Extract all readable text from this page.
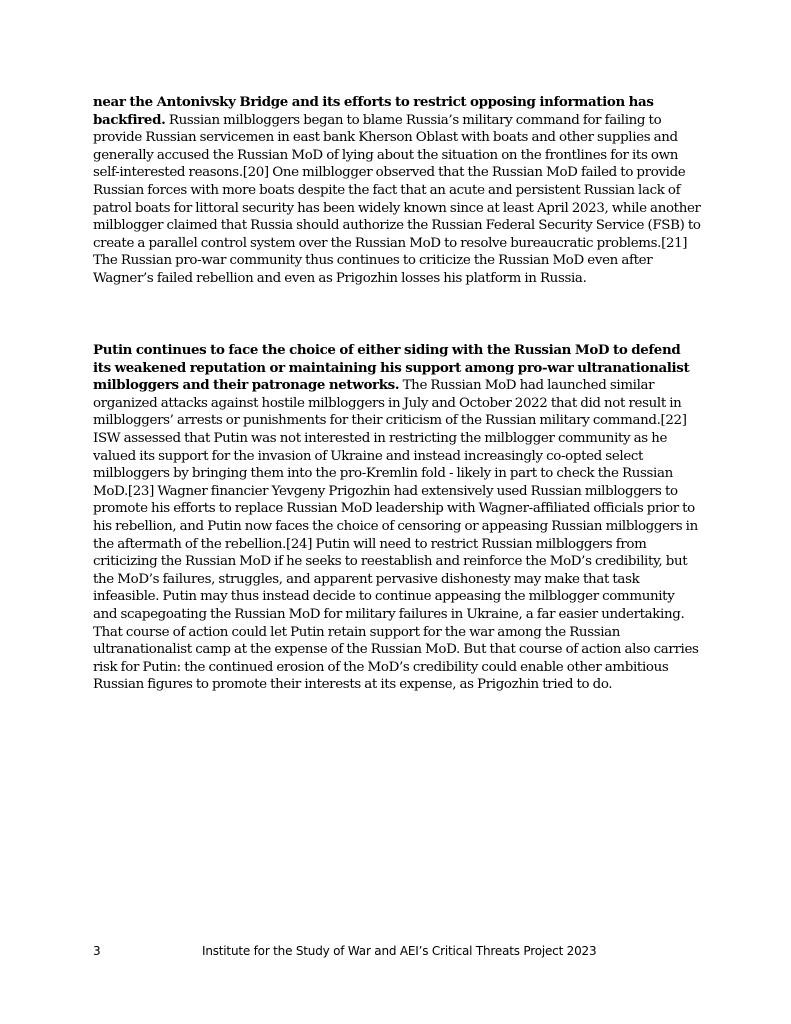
near the Antonivsky Bridge and its efforts to restrict opposing information has backfired. Russian milbloggers began to blame Russia’s military command for failing to provide Russian servicemen in east bank Kherson Oblast with boats and other supplies and generally accused the Russian MoD of lying about the situation on the frontlines for its own self-interested reasons.[20] One milblogger observed that the Russian MoD failed to provide Russian forces with more boats despite the fact that an acute and persistent Russian lack of patrol boats for littoral security has been widely known since at least April 2023, while another milblogger claimed that Russia should authorize the Russian Federal Security Service (FSB) to create a parallel control system over the Russian MoD to resolve bureaucratic problems.[21] The Russian pro-war community thus continues to criticize the Russian MoD even after Wagner’s failed rebellion and even as Prigozhin losses his platform in Russia.

Putin continues to face the choice of either siding with the Russian MoD to defend its weakened reputation or maintaining his support among pro-war ultranationalist milbloggers and their patronage networks. The Russian MoD had launched similar organized attacks against hostile milbloggers in July and October 2022 that did not result in milbloggers’ arrests or punishments for their criticism of the Russian military command.[22] ISW assessed that Putin was not interested in restricting the milblogger community as he valued its support for the invasion of Ukraine and instead increasingly co-opted select milbloggers by bringing them into the pro-Kremlin fold - likely in part to check the Russian MoD.[23] Wagner financier Yevgeny Prigozhin had extensively used Russian milbloggers to promote his efforts to replace Russian MoD leadership with Wagner-affiliated officials prior to his rebellion, and Putin now faces the choice of censoring or appeasing Russian milbloggers in the aftermath of the rebellion.[24] Putin will need to restrict Russian milbloggers from criticizing the Russian MoD if he seeks to reestablish and reinforce the MoD’s credibility, but the MoD’s failures, struggles, and apparent pervasive dishonesty may make that task infeasible. Putin may thus instead decide to continue appeasing the milblogger community and scapegoating the Russian MoD for military failures in Ukraine, a far easier undertaking. That course of action could let Putin retain support for the war among the Russian ultranationalist camp at the expense of the Russian MoD. But that course of action also carries risk for Putin: the continued erosion of the MoD’s credibility could enable other ambitious Russian figures to promote their interests at its expense, as Prigozhin tried to do.

3	Institute for the Study of War and AEI’s Critical Threats Project 2023
